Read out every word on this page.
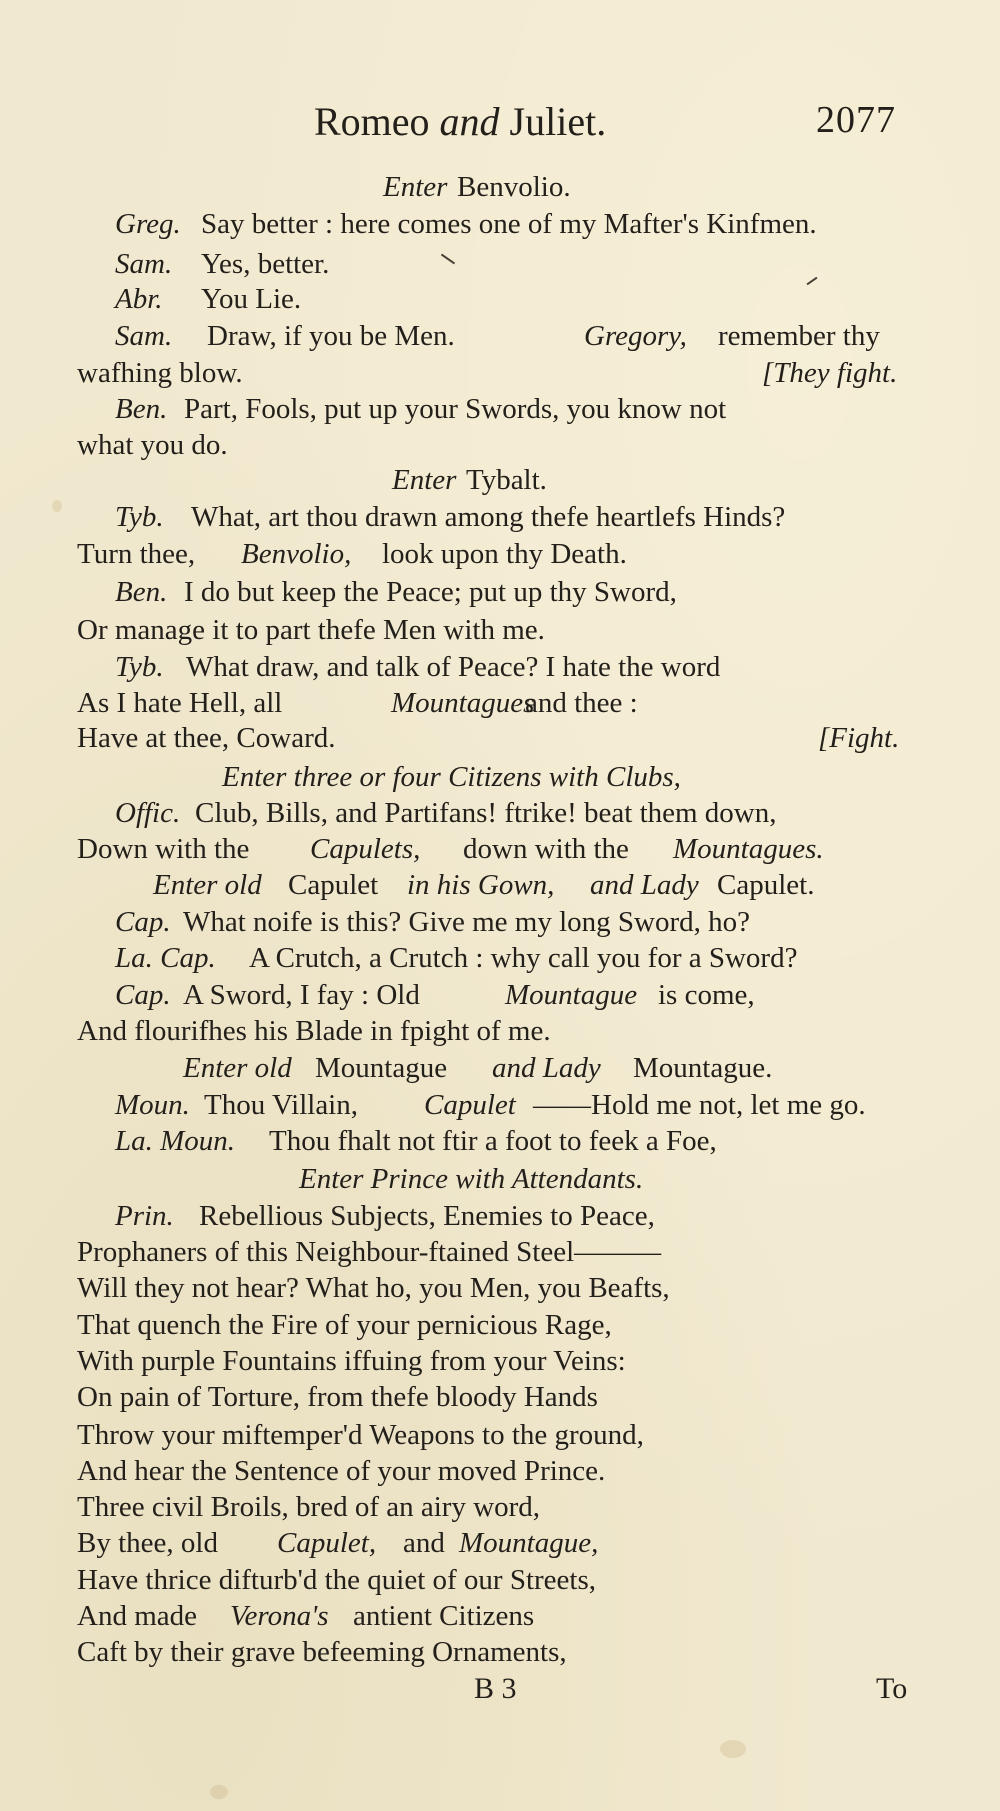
Romeo and Juliet.	2077
Enter Benvolio.
Greg. Say better : here comes one of my Mafter's Kinfmen.
Sam. Yes, better.
Abr. You Lie.
Sam. Draw, if you be Men.	Gregory, remember thy
wafhing blow.	[They fight.
Ben. Part, Fools, put up your Swords, you know not
what you do.
Enter Tybalt.
Tyb. What, art thou drawn among thefe heartlefs Hinds?
Turn thee, Benvolio, look upon thy Death.
Ben. I do but keep the Peace; put up thy Sword,
Or manage it to part thefe Men with me.
Tyb. What draw, and talk of Peace? I hate the word
As I hate Hell, all	Mountagues
and thee :
Have at thee, Coward.	[Fight.
Enter three or four Citizens with Clubs,
Offic. Club, Bills, and Partifans! ftrike! beat them down,
Down with the Capulets, down with the Mountagues.
Enter old Capulet in his Gown, and Lady Capulet.
Cap. What noife is this? Give me my long Sword, ho?
La. Cap. A Crutch, a Crutch : why call you for a Sword?
Cap. A Sword, I fay : Old	Mountague is come,
And flourifhes his Blade in fpight of me.
Enter old Mountague and Lady Mountague.
Moun. Thou Villain, Capulet ——Hold me not, let me go.
La. Moun. Thou fhalt not ftir a foot to feek a Foe,
Enter Prince with Attendants.
Prin. Rebellious Subjects, Enemies to Peace,
Prophaners of this Neighbour-ftained Steel———
Will they not hear? What ho, you Men, you Beafts,
That quench the Fire of your pernicious Rage,
With purple Fountains iffuing from your Veins:
On pain of Torture, from thefe bloody Hands
Throw your miftemper'd Weapons to the ground,
And hear the Sentence of your moved Prince.
Three civil Broils, bred of an airy word,
By thee, old Capulet, and Mountague,
Have thrice difturb'd the quiet of our Streets,
And made Verona's antient Citizens
Caft by their grave befeeming Ornaments,
B 3	To
